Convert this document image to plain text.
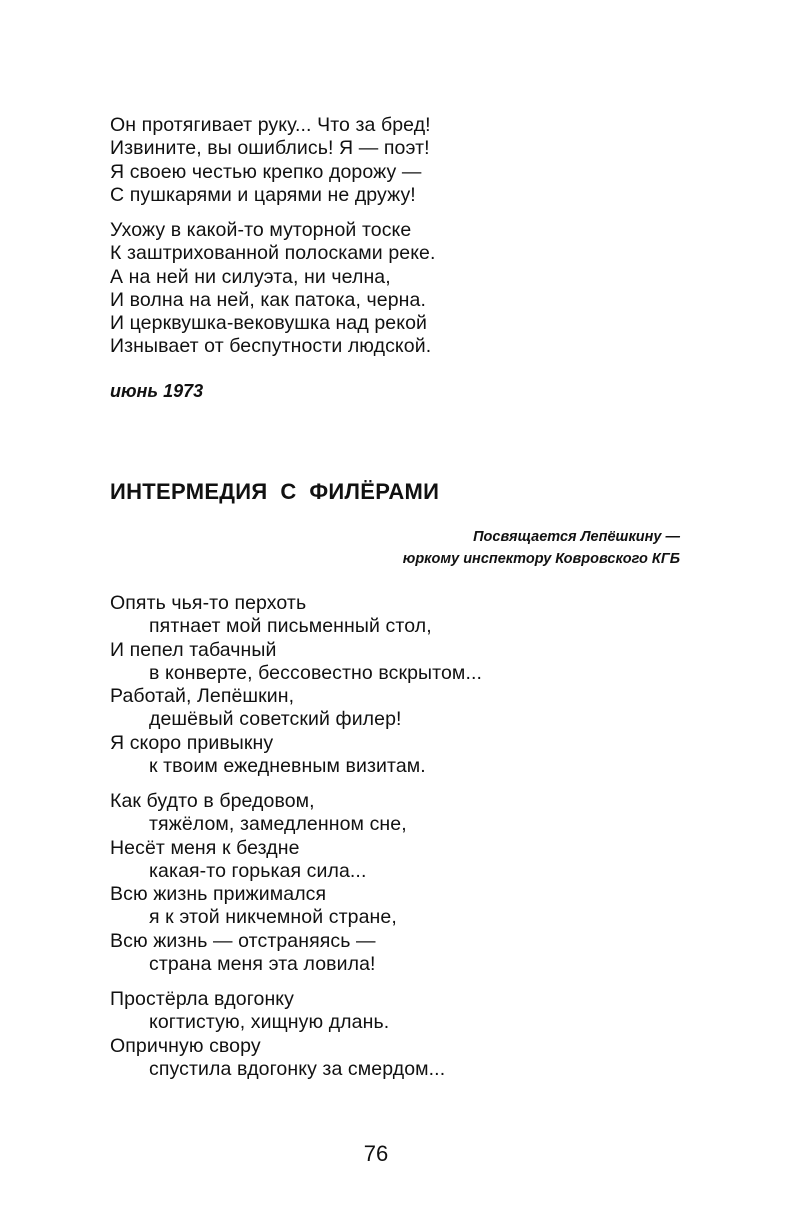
Он протягивает руку... Что за бред!
Извините, вы ошиблись! Я — поэт!
Я своею честью крепко дорожу —
С пушкарями и царями не дружу!
Ухожу в какой-то муторной тоске
К заштрихованной полосками реке.
А на ней ни силуэта, ни челна,
И волна на ней, как патока, черна.
И церквушка-вековушка над рекой
Изнывает от беспутности людской.
июнь 1973
ИНТЕРМЕДИЯ  С  ФИЛЁРАМИ
Посвящается Лепёшкину —
юркому инспектору Ковровского КГБ
Опять чья-то перхоть
пятнает мой письменный стол,
И пепел табачный
в конверте, бессовестно вскрытом...
Работай, Лепёшкин,
дешёвый советский филер!
Я скоро привыкну
к твоим ежедневным визитам.
Как будто в бредовом,
тяжёлом, замедленном сне,
Несёт меня к бездне
какая-то горькая сила...
Всю жизнь прижимался
я к этой никчемной стране,
Всю жизнь — отстраняясь —
страна меня эта ловила!
Простёрла вдогонку
когтистую, хищную длань.
Опричную свору
спустила вдогонку за смердом...
76
